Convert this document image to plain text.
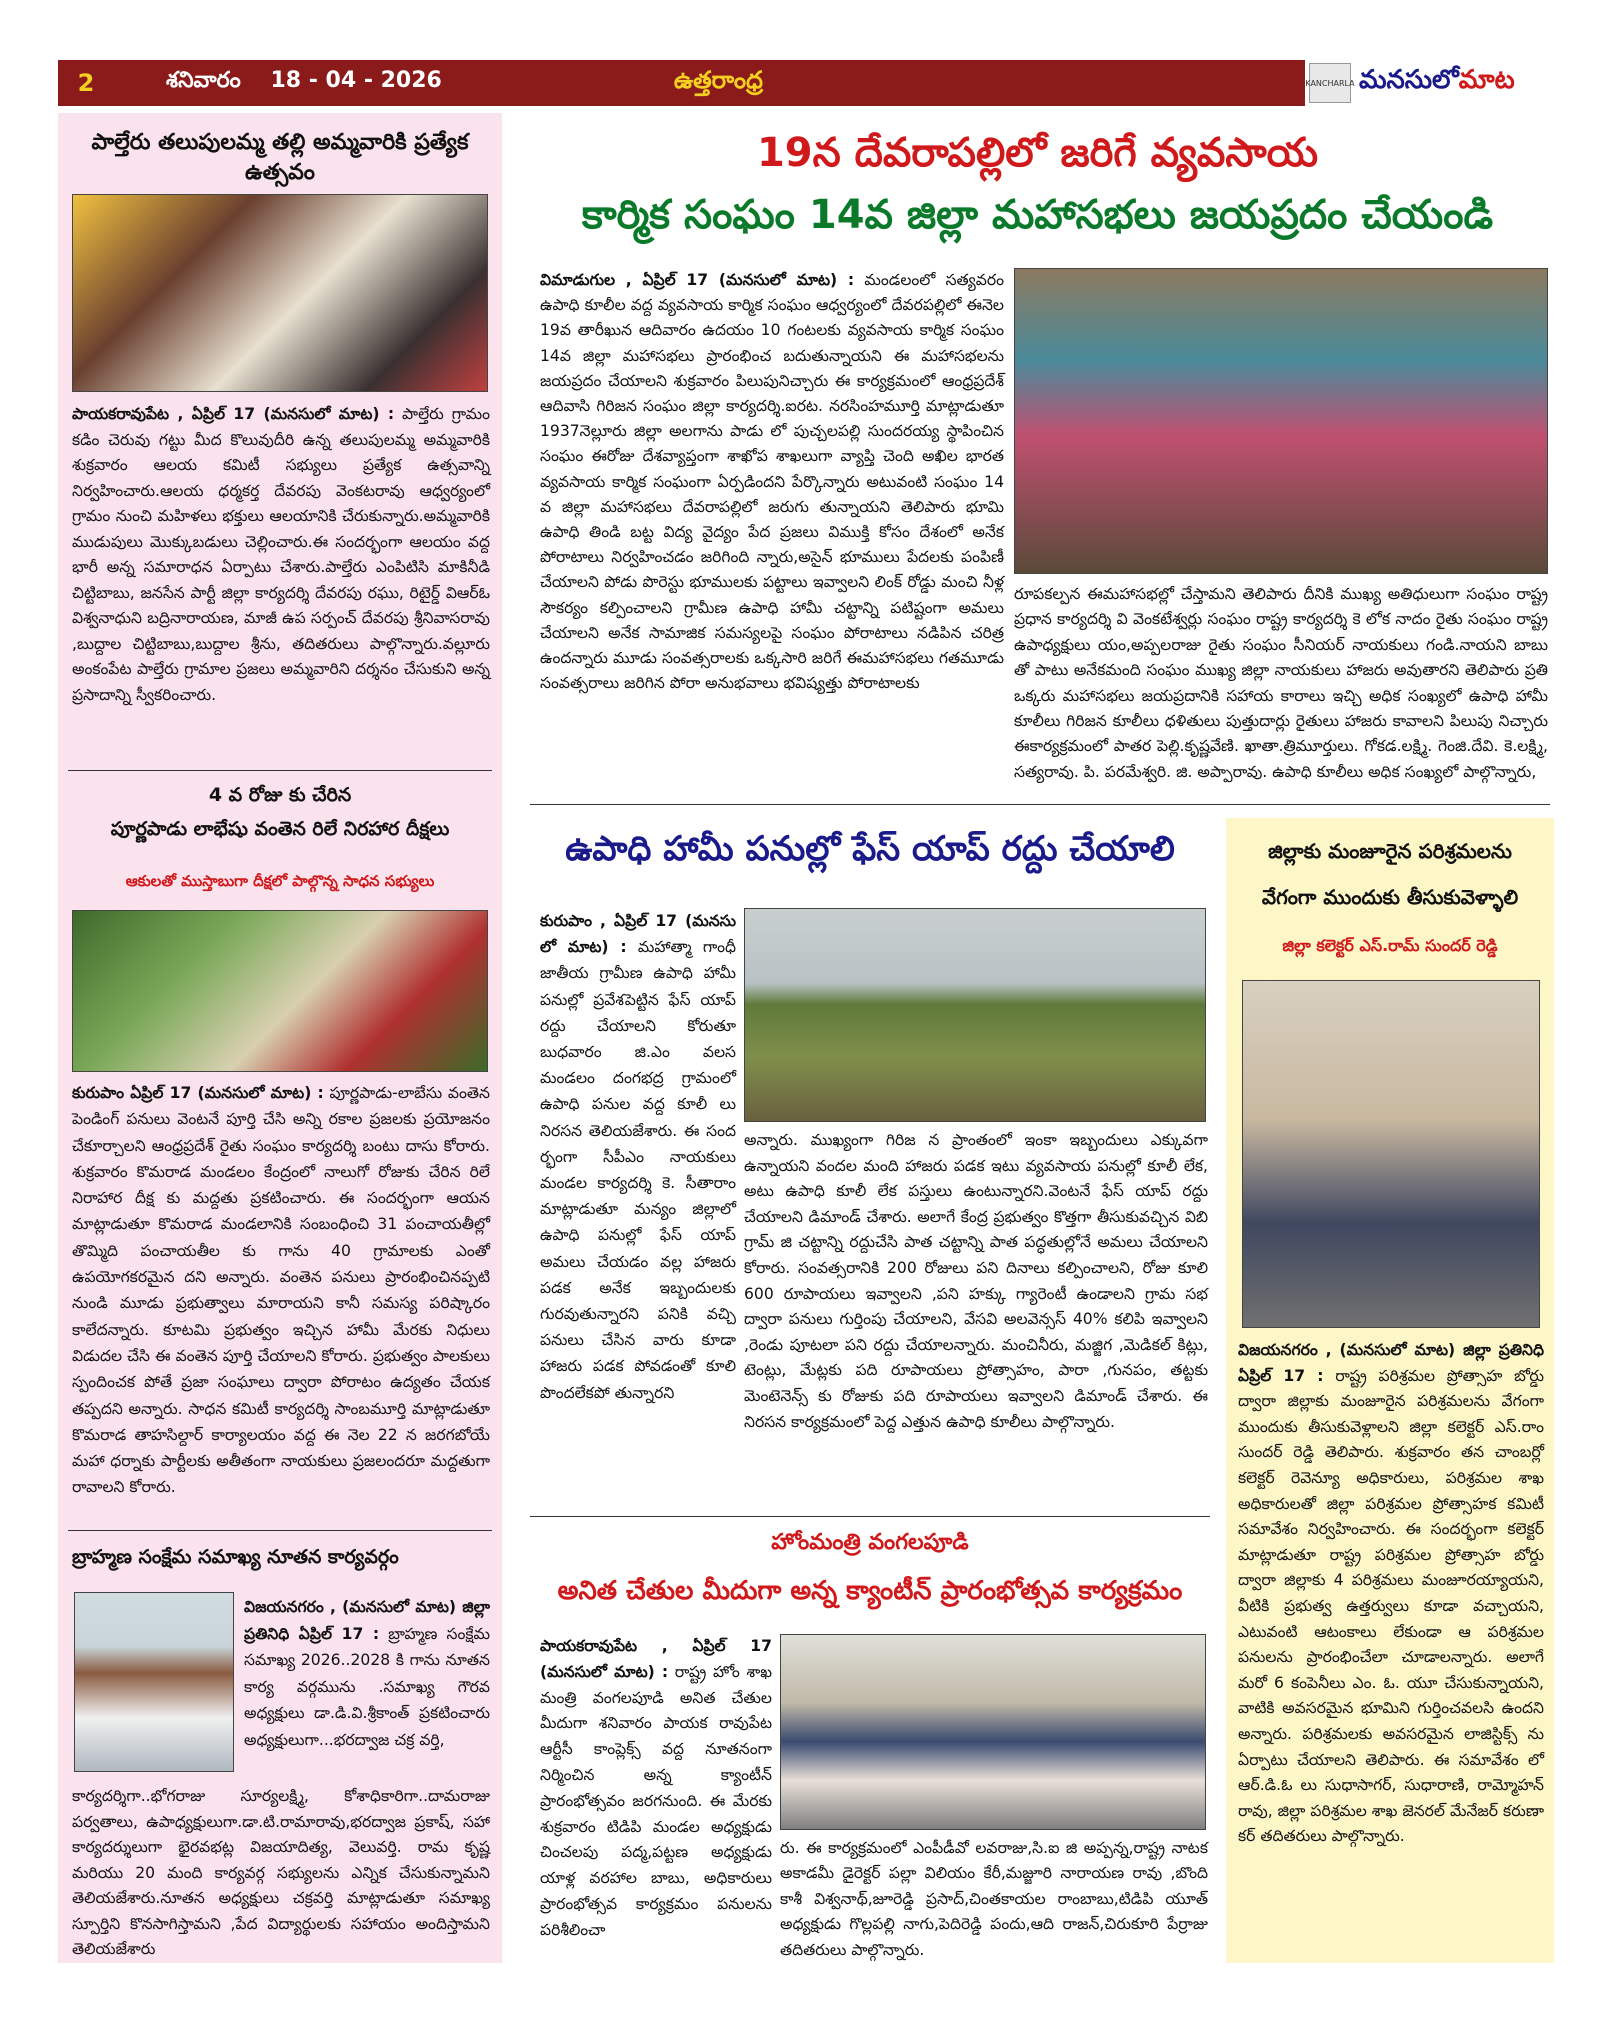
2	శనివారం 18 - 04 - 2026	ఉత్తరాంధ్ర	KANCHARLA మనసులోమాట
పాల్తేరు తలుపులమ్మ తల్లి అమ్మవారికి ప్రత్యేక ఉత్సవం
పాయకరావుపేట , ఏప్రిల్ 17 (మనసులో మాట) : పాల్తేరు గ్రామం కడిం చెరువు గట్టు మీద కొలువుదీరి ఉన్న తలుపులమ్మ అమ్మవారికి శుక్రవారం ఆలయ కమిటీ సభ్యులు ప్రత్యేక ఉత్సవాన్ని నిర్వహించారు.ఆలయ ధర్మకర్త దేవరపు వెంకటరావు ఆధ్వర్యంలో గ్రామం నుంచి మహిళలు భక్తులు ఆలయానికి చేరుకున్నారు.అమ్మవారికి ముడుపులు మొక్కుబడులు చెల్లించారు.ఈ సందర్భంగా ఆలయం వద్ద భారీ అన్న సమారాధన ఏర్పాటు చేశారు.పాల్తేరు ఎంపిటిసి మాకినీడి చిట్టిబాబు, జనసేన పార్టీ జిల్లా కార్యదర్శి దేవరపు రఘు, రిటైర్డ్ విఆర్ఓ విశ్వనాధుని బద్రినారాయణ, మాజీ ఉప సర్పంచ్ దేవరపు శ్రీనివాసరావు ,బుద్దాల చిట్టిబాబు,బుద్దాల శ్రీను, తదితరులు పాల్గొన్నారు.వల్లూరు అంకంపేట పాల్తేరు గ్రామాల ప్రజలు అమ్మవారిని దర్శనం చేసుకుని అన్న ప్రసాదాన్ని స్వీకరించారు.
4 వ రోజు కు చేరిన
పూర్ణపాడు లాభేషు వంతెన రిలే నిరహార దీక్షలు
ఆకులతో ముస్తాబుగా దీక్షలో పాల్గొన్న సాధన సభ్యులు
కురుపాం ఏప్రిల్ 17 (మనసులో మాట) : పూర్ణపాడు-లాబేసు వంతెన పెండింగ్ పనులు వెంటనే పూర్తి చేసి అన్ని రకాల ప్రజలకు ప్రయోజనం చేకూర్చాలని ఆంధ్రప్రదేశ్ రైతు సంఘం కార్యదర్శి బంటు దాసు కోరారు. శుక్రవారం కొమరాడ మండలం కేంద్రంలో నాలుగో రోజుకు చేరిన రిలే నిరాహార దీక్ష కు మద్దతు ప్రకటించారు. ఈ సందర్భంగా ఆయన మాట్లాడుతూ కొమరాడ మండలానికి సంబంధించి 31 పంచాయతీల్లో తొమ్మిది పంచాయతీల కు గాను 40 గ్రామాలకు ఎంతో ఉపయోగకరమైన దని అన్నారు. వంతెన పనులు ప్రారంభించినప్పటి నుండి మూడు ప్రభుత్వాలు మారాయని కానీ సమస్య పరిష్కారం కాలేదన్నారు. కూటమి ప్రభుత్వం ఇచ్చిన హామీ మేరకు నిధులు విడుదల చేసి ఈ వంతెన పూర్తి చేయాలని కోరారు. ప్రభుత్వం పాలకులు స్పందించక పోతే ప్రజా సంఘాలు ద్వారా పోరాటం ఉద్యతం చేయక తప్పదని అన్నారు. సాధన కమిటీ కార్యదర్శి సాంబమూర్తి మాట్లాడుతూ కొమరాడ తాహసిల్దార్ కార్యాలయం వద్ద ఈ నెల 22 న జరగబోయే మహా ధర్నాకు పార్టీలకు అతీతంగా నాయకులు ప్రజలందరూ మద్దతుగా రావాలని కోరారు.
బ్రాహ్మణ సంక్షేమ సమాఖ్య నూతన కార్యవర్గం
విజయనగరం , (మనసులో మాట) జిల్లా ప్రతినిధి ఏప్రిల్ 17 : బ్రాహ్మణ సంక్షేమ సమాఖ్య 2026..2028 కి గాను నూతన కార్య వర్గమును .సమాఖ్య గౌరవ అధ్యక్షులు డా.డి.వి.శ్రీకాంత్ ప్రకటించారు అధ్యక్షులుగా...భరద్వాజ చక్ర వర్తి,
కార్యదర్శిగా..భోగరాజు సూర్యలక్ష్మి, కోశాధికారిగా..దామరాజు పర్వతాలు, ఉపాధ్యక్షులుగా.డా.టి.రామారావు,భరద్వాజ ప్రకాష్, సహా కార్యదర్శులుగా భైరవభట్ల విజయాదిత్య, వెలువర్తి. రామ కృష్ణ మరియు 20 మంది కార్యవర్గ సభ్యులను ఎన్నిక చేసుకున్నామని తెలియజేశారు.నూతన అధ్యక్షులు చక్రవర్తి మాట్లాడుతూ సమాఖ్య స్పూర్తిని కొనసాగిస్తామని ,పేద విద్యార్థులకు సహాయం అందిస్తామని తెలియజేశారు
19న దేవరాపల్లిలో జరిగే వ్యవసాయ
కార్మిక సంఘం 14వ జిల్లా మహాసభలు జయప్రదం చేయండి
విమాడుగుల , ఏప్రిల్ 17 (మనసులో మాట) : మండలంలో సత్యవరం ఉపాధి కూలీల వద్ద వ్యవసాయ కార్మిక సంఘం ఆధ్వర్యంలో దేవరపల్లిలో ఈనెల 19వ తారీఖున ఆదివారం ఉదయం 10 గంటలకు వ్యవసాయ కార్మిక సంఘం 14వ జిల్లా మహాసభలు ప్రారంభించ బదుతున్నాయని ఈ మహాసభలను జయప్రదం చేయాలని శుక్రవారం పిలుపునిచ్చారు ఈ కార్యక్రమంలో ఆంధ్రప్రదేశ్ ఆదివాసి గిరిజన సంఘం జిల్లా కార్యదర్శి.ఐరట. నరసింహమూర్తి మాట్లాడుతూ 1937నెల్లూరు జిల్లా అలగాను పాడు లో పుచ్చలపల్లి సుందరయ్య స్థాపించిన సంఘం ఈరోజు దేశవ్యాప్తంగా శాఖోప శాఖలుగా వ్యాప్తి చెంది అఖిల భారత వ్యవసాయ కార్మిక సంఘంగా ఏర్పడిందని పేర్కొన్నారు అటువంటి సంఘం 14 వ జిల్లా మహాసభలు దేవరాపల్లిలో జరుగు తున్నాయని తెలిపారు భూమి ఉపాధి తిండి బట్ట విద్య వైద్యం పేద ప్రజలు విముక్తి కోసం దేశంలో అనేక పోరాటాలు నిర్వహించడం జరిగింది న్నారు,అసైన్ భూములు పేదలకు పంపిణీ చేయాలని పోడు పొరెస్టు భూములకు పట్టాలు ఇవ్వాలని లింక్ రోడ్డు మంచి నీళ్ల సౌకర్యం కల్పించాలని గ్రామీణ ఉపాధి హామీ చట్టాన్ని పటిష్టంగా అమలు చేయాలని అనేక సామాజిక సమస్యలపై సంఘం పోరాటాలు నడిపిన చరిత్ర ఉందన్నారు మూడు సంవత్సరాలకు ఒక్కసారి జరిగే ఈమహాసభలు గతమూడు సంవత్సరాలు జరిగిన పోరా అనుభవాలు భవిష్యత్తు పోరాటాలకు
రూపకల్పన ఈమహాసభల్లో చేస్తామని తెలిపారు దీనికి ముఖ్య అతిధులుగా సంఘం రాష్ట్ర ప్రధాన కార్యదర్శి వి వెంకటేశ్వర్లు సంఘం రాష్ట్ర కార్యదర్శి కె లోక నాదం రైతు సంఘం రాష్ట్ర ఉపాధ్యక్షులు యం,అప్పలరాజు రైతు సంఘం సీనియర్ నాయకులు గండి.నాయని బాబు తో పాటు అనేకమంది సంఘం ముఖ్య జిల్లా నాయకులు హాజరు అవుతారని తెలిపారు ప్రతి ఒక్కరు మహాసభలు జయప్రదానికి సహాయ కారాలు ఇచ్చి అధిక సంఖ్యలో ఉపాధి హామీ కూలీలు గిరిజన కూలీలు ధళితులు పుత్తుదార్లు రైతులు హాజరు కావాలని పిలుపు నిచ్చారు ఈకార్యక్రమంలో పాతర పెల్లి.కృష్ణవేణి. ఖాతా.త్రిమూర్తులు. గోకడ.లక్ష్మి. గెంజి.దేవి. కె.లక్ష్మి, సత్యరావు. పి. పరమేశ్వరి. జి. అప్పారావు. ఉపాధి కూలీలు అధిక సంఖ్యలో పాల్గొన్నారు,
ఉపాధి హామీ పనుల్లో ఫేస్ యాప్ రద్దు చేయాలి
కురుపాం , ఏప్రిల్ 17 (మనసు లో మాట) : మహాత్మా గాంధీ జాతీయ గ్రామీణ ఉపాధి హామీ పనుల్లో ప్రవేశపెట్టిన ఫేస్ యాప్ రద్దు చేయాలని కోరుతూ బుధవారం జి.ఎం వలస మండలం దంగభద్ర గ్రామంలో ఉపాధి పనుల వద్ద కూలీ లు నిరసన తెలియజేశారు. ఈ సంద ర్భంగా సీపీఎం నాయకులు మండల కార్యదర్శి కె. సీతారాం మాట్లాడుతూ మన్యం జిల్లాలో ఉపాధి పనుల్లో ఫేస్ యాప్ అమలు చేయడం వల్ల హాజరు పడక అనేక ఇబ్బందులకు గురవుతున్నారని పనికి వచ్చి పనులు చేసిన వారు కూడా హాజరు పడక పోవడంతో కూలి పొందలేకపో తున్నారని
అన్నారు. ముఖ్యంగా గిరిజ న ప్రాంతంలో ఇంకా ఇబ్బందులు ఎక్కువగా ఉన్నాయని వందల మంది హాజరు పడక ఇటు వ్యవసాయ పనుల్లో కూలీ లేక, అటు ఉపాధి కూలీ లేక పస్తులు ఉంటున్నారని.వెంటనే ఫేస్ యాప్ రద్దు చేయాలని డిమాండ్ చేశారు. అలాగే కేంద్ర ప్రభుత్వం కొత్తగా తీసుకువచ్చిన విబి గ్రామ్ జి చట్టాన్ని రద్దుచేసి పాత చట్టాన్ని పాత పద్ధతుల్లోనే అమలు చేయాలని కోరారు. సంవత్సరానికి 200 రోజులు పని దినాలు కల్పించాలని, రోజు కూలి 600 రూపాయలు ఇవ్వాలని ,పని హక్కు గ్యారెంటీ ఉండాలని గ్రామ సభ ద్వారా పనులు గుర్తింపు చేయాలని, వేసవి అలవెన్సస్ 40% కలిపి ఇవ్వాలని ,రెండు పూటలా పని రద్దు చేయాలన్నారు. మంచినీరు, మజ్జిగ ,మెడికల్ కిట్లు, టెంట్లు, మేట్లకు పది రూపాయలు ప్రోత్సాహం, పారా ,గునపం, తట్టకు మెంటెనెన్స్ కు రోజుకు పది రూపాయలు ఇవ్వాలని డిమాండ్ చేశారు. ఈ నిరసన కార్యక్రమంలో పెద్ద ఎత్తున ఉపాధి కూలీలు పాల్గొన్నారు.
హోంమంత్రి వంగలపూడి
అనిత చేతుల మీదుగా అన్న క్యాంటీన్ ప్రారంభోత్సవ కార్యక్రమం
పాయకరావుపేట , ఏప్రిల్ 17 (మనసులో మాట) : రాష్ట్ర హోం శాఖ మంత్రి వంగలపూడి అనిత చేతుల మీదుగా శనివారం పాయక రావుపేట ఆర్టీసీ కాంప్లెక్స్ వద్ద నూతనంగా నిర్మించిన అన్న క్యాంటీన్ ప్రారంభోత్సవం జరగనుంది. ఈ మేరకు శుక్రవారం టిడిపి మండల అధ్యక్షుడు చించలపు పద్మ,పట్టణ అధ్యక్షుడు యాళ్ల వరహాల బాబు, అధికారులు ప్రారంభోత్సవ కార్యక్రమం పనులను పరిశీలించా
రు. ఈ కార్యక్రమంలో ఎంపీడీవో లవరాజు,సి.ఐ జి అప్పన్న,రాష్ట్ర నాటక అకాడమీ డైరెక్టర్ పల్లా విలియం కేరీ,మజ్జూరి నారాయణ రావు ,బొంది కాశీ విశ్వనాథ్,జూరెడ్డి ప్రసాద్,చింతకాయల రాంబాబు,టిడిపి యూత్ అధ్యక్షుడు గొల్లపల్లి నాగు,పెదిరెడ్డి పందు,ఆది రాజన్,చిరుకూరి పేర్రాజు తదితరులు పాల్గొన్నారు.
జిల్లాకు మంజూరైన పరిశ్రమలను
వేగంగా ముందుకు తీసుకువెళ్ళాలి
జిల్లా కలెక్టర్ ఎస్.రామ్ సుందర్ రెడ్డి
విజయనగరం , (మనసులో మాట) జిల్లా ప్రతినిధి ఏప్రిల్ 17 : రాష్ట్ర పరిశ్రమల ప్రోత్సాహ బోర్డు ద్వారా జిల్లాకు మంజూరైన పరిశ్రమలను వేగంగా ముందుకు తీసుకువెళ్లాలని జిల్లా కలెక్టర్ ఎస్.రాం సుందర్ రెడ్డి తెలిపారు. శుక్రవారం తన చాంబర్లో కలెక్టర్ రెవెన్యూ అధికారులు, పరిశ్రమల శాఖ అధికారులతో జిల్లా పరిశ్రమల ప్రోత్సాహక కమిటీ సమావేశం నిర్వహించారు. ఈ సందర్భంగా కలెక్టర్ మాట్లాడుతూ రాష్ట్ర పరిశ్రమల ప్రోత్సాహ బోర్డు ద్వారా జిల్లాకు 4 పరిశ్రమలు మంజూరయ్యాయని, వీటికి ప్రభుత్వ ఉత్తర్వులు కూడా వచ్చాయని, ఎటువంటి ఆటంకాలు లేకుండా ఆ పరిశ్రమల పనులను ప్రారంభించేలా చూడాలన్నారు. అలాగే మరో 6 కంపెనీలు ఎం. ఓ. యూ చేసుకున్నాయని, వాటికి అవసరమైన భూమిని గుర్తించవలసి ఉందని అన్నారు. పరిశ్రమలకు అవసరమైన లాజిస్టిక్స్ ను ఏర్పాటు చేయాలని తెలిపారు. ఈ సమావేశం లో ఆర్.డి.ఓ లు సుధాసాగర్, సుధారాణి, రామ్మోహన్ రావు, జిల్లా పరిశ్రమల శాఖ జెనరల్ మేనేజర్ కరుణా కర్ తదితరులు పాల్గొన్నారు.
